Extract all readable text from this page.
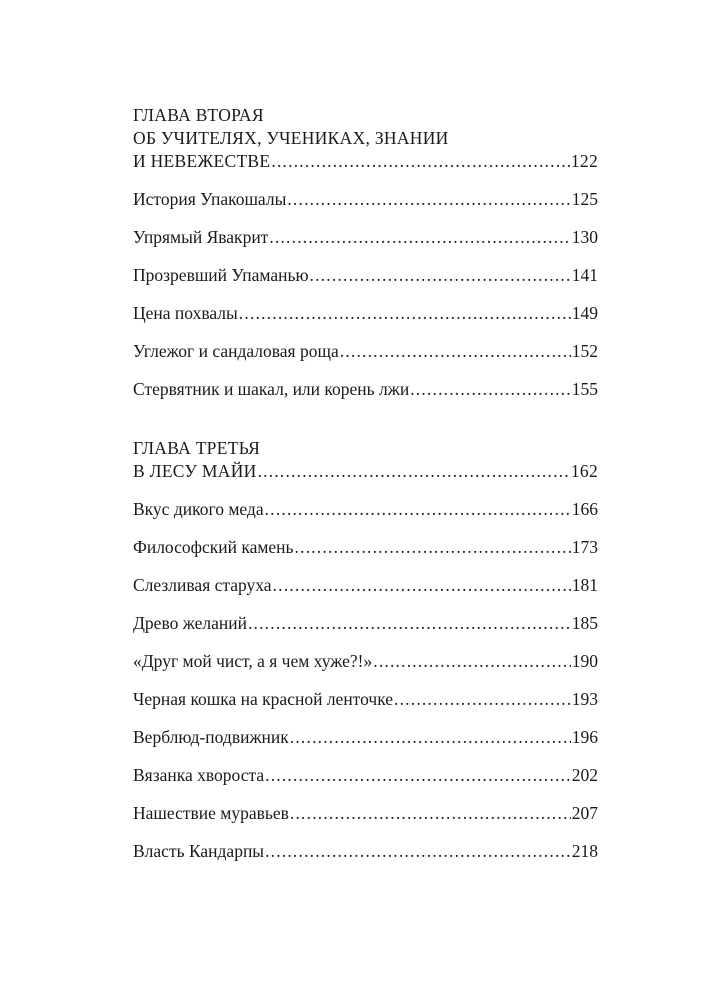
ГЛАВА ВТОРАЯ
ОБ УЧИТЕЛЯХ, УЧЕНИКАХ, ЗНАНИИ
И НЕВЕЖЕСТВЕ .....	122
История Упакошалы .....	125
Упрямый Явакрит .....	130
Прозревший Упаманью .....	141
Цена похвалы .....	149
Углежог и сандаловая роща .....	152
Стервятник и шакал, или корень лжи .....	155
ГЛАВА ТРЕТЬЯ
В ЛЕСУ МАЙИ .....	162
Вкус дикого меда .....	166
Философский камень .....	173
Слезливая старуха .....	181
Древо желаний .....	185
«Друг мой чист, а я чем хуже?!» .....	190
Черная кошка на красной ленточке .....	193
Верблюд-подвижник .....	196
Вязанка хвороста .....	202
Нашествие муравьев .....	207
Власть Кандарпы .....	218
